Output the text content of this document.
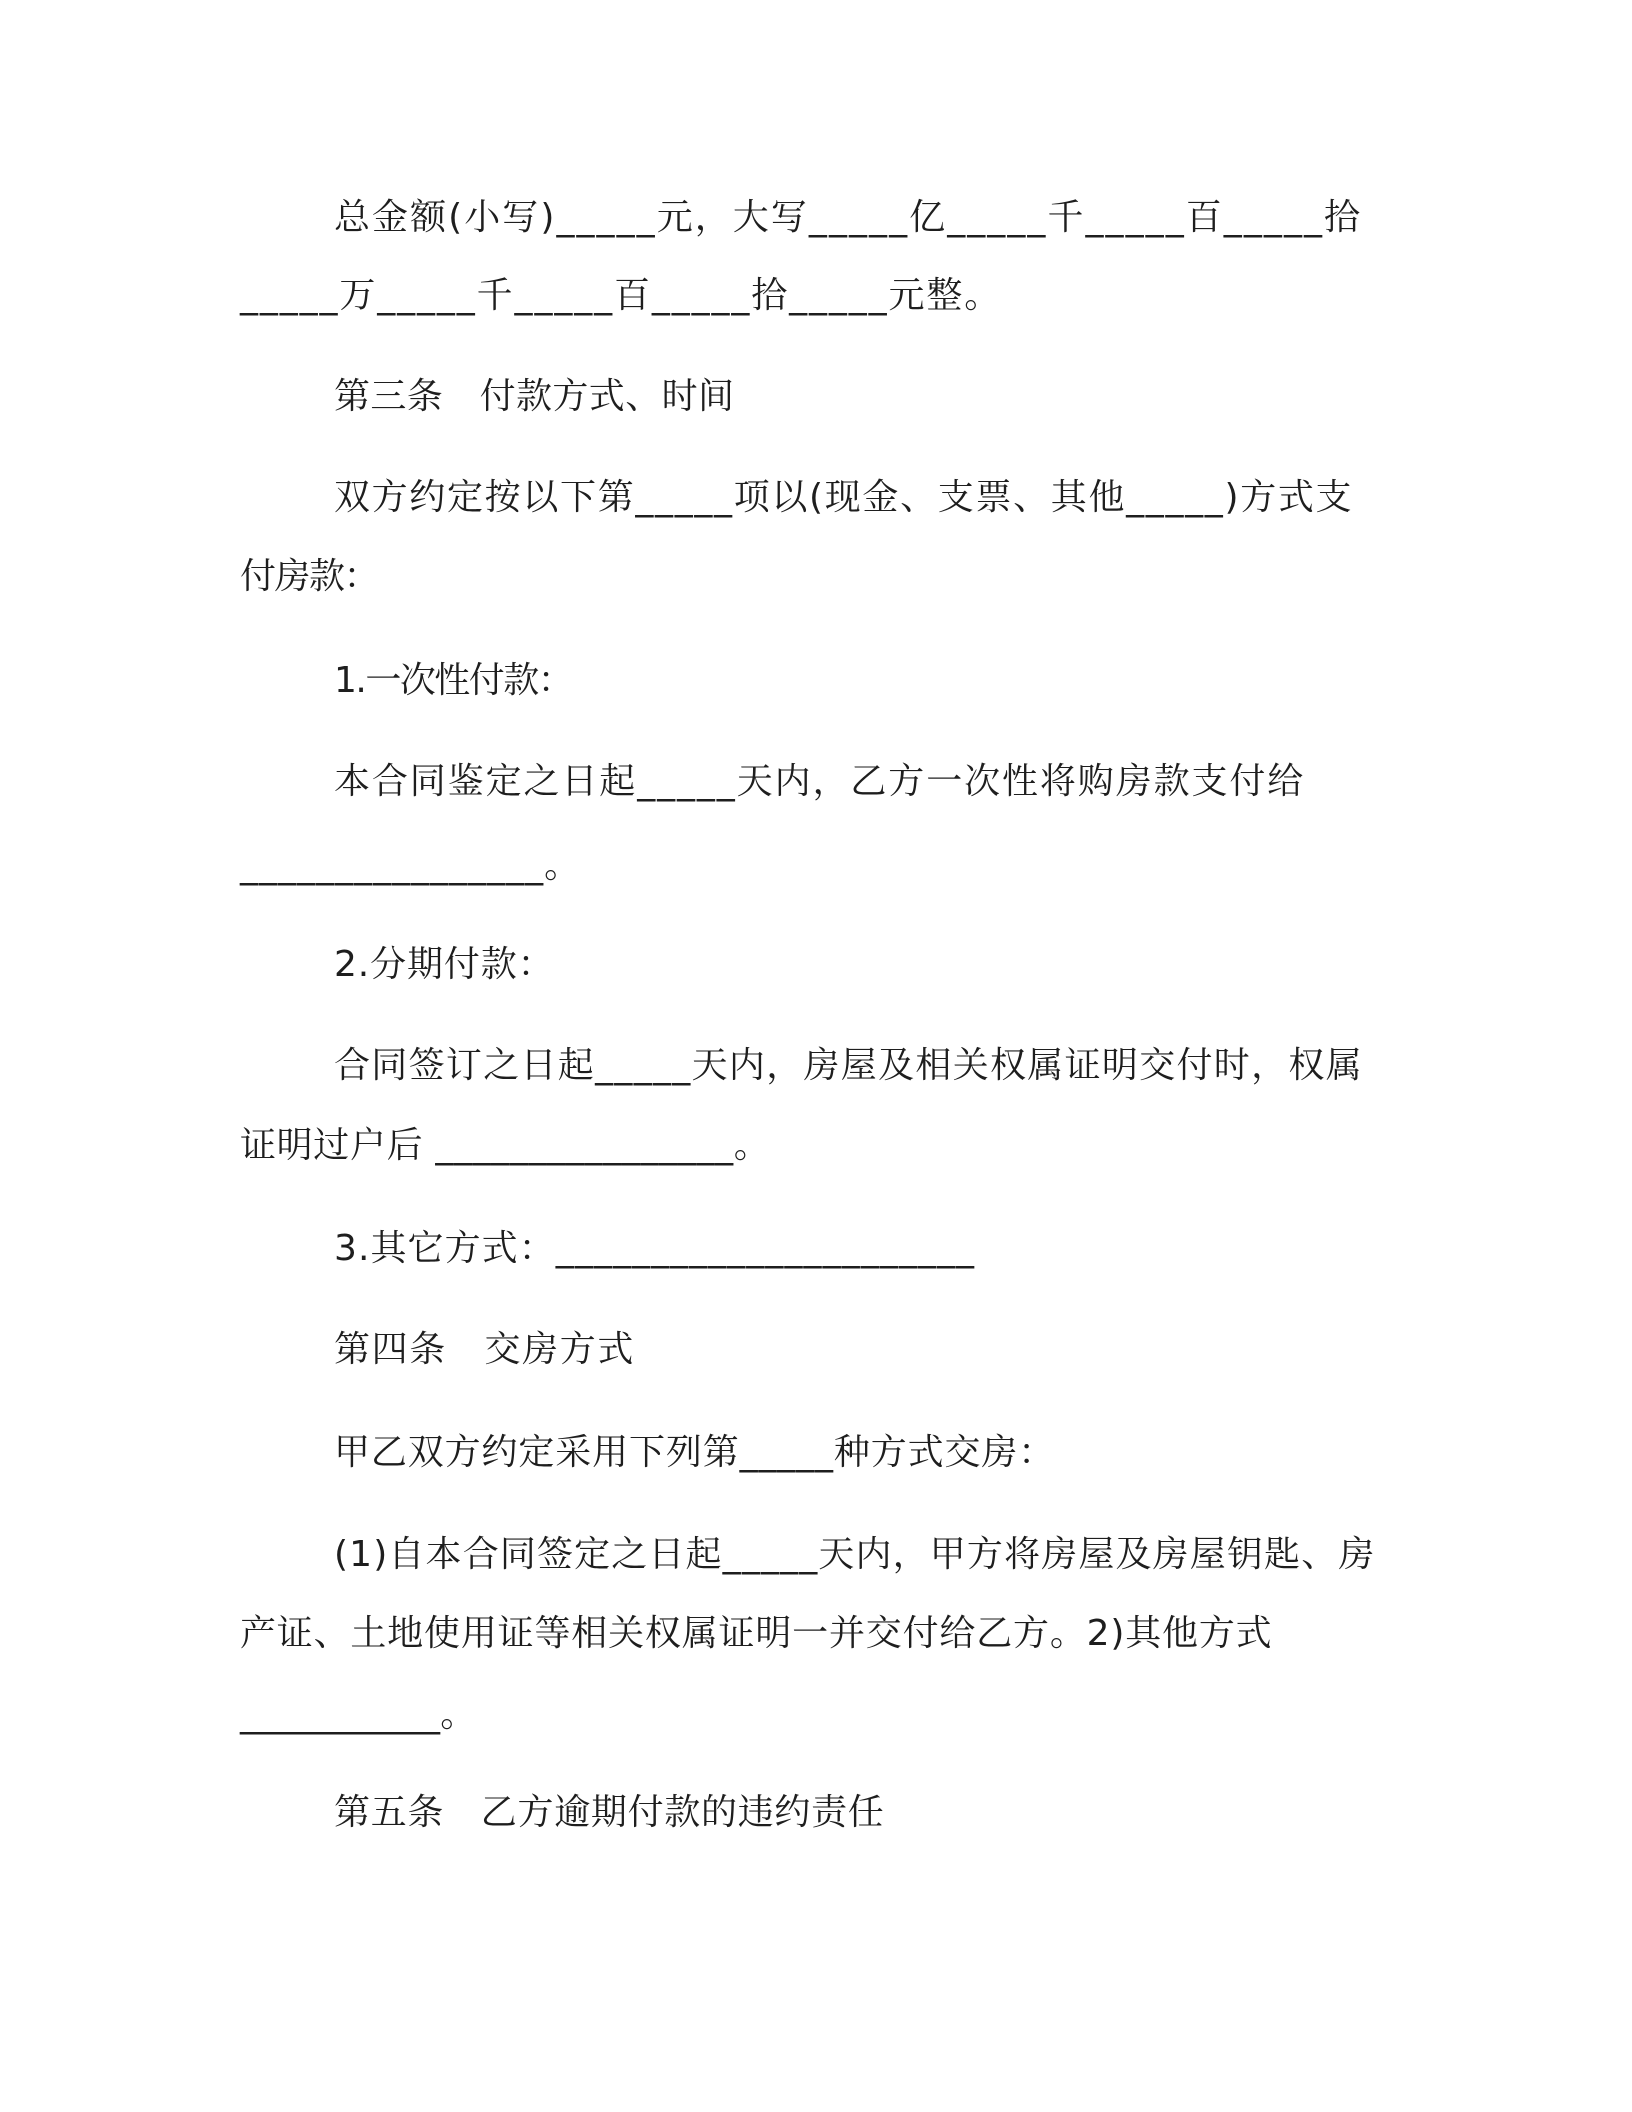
总金额(小写)_____元，大写_____亿_____千_____百_____拾

_____万_____千_____百_____拾_____元整。

第三条　付款方式、时间

双方约定按以下第_____项以(现金、支票、其他_____)方式支

付房款：

1.一次性付款：

本合同鉴定之日起_____天内，乙方一次性将购房款支付给

________________。

2.分期付款：

合同签订之日起_____天内，房屋及相关权属证明交付时，权属

证明过户后 ________________。

3.其它方式：______________________

第四条　交房方式

甲乙双方约定采用下列第_____种方式交房：

(1)自本合同签定之日起_____天内，甲方将房屋及房屋钥匙、房

产证、土地使用证等相关权属证明一并交付给乙方。2)其他方式

___________。

第五条　乙方逾期付款的违约责任
